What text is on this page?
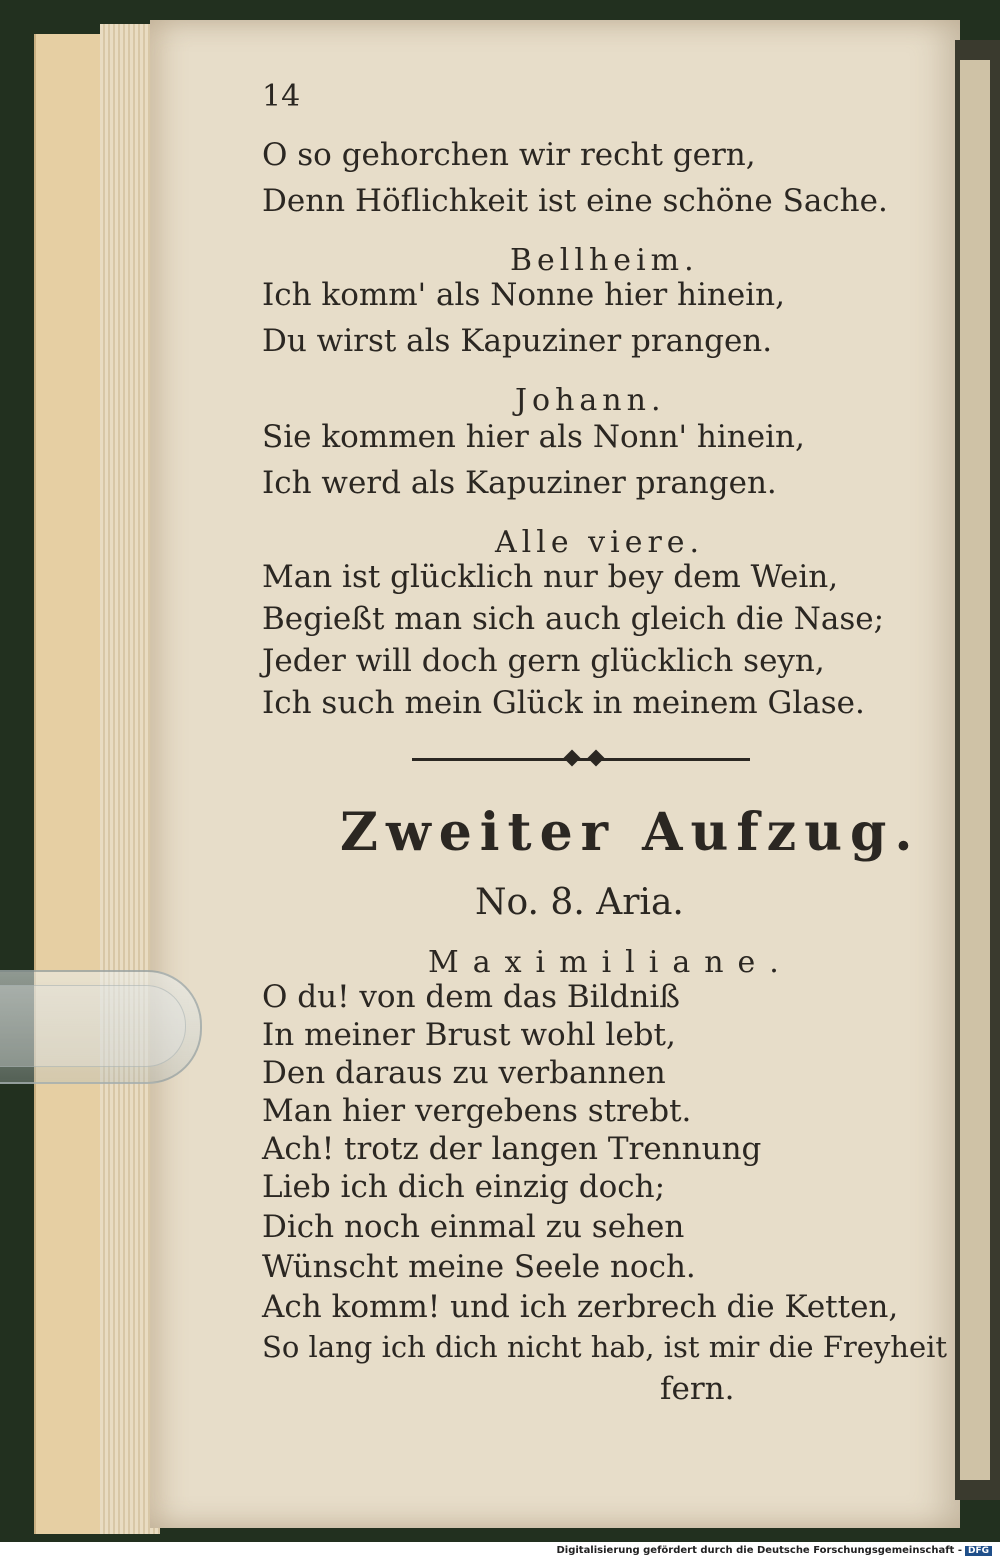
14
O so gehorchen wir recht gern,
Denn Höflichkeit ist eine schöne Sache.
Bellheim.
Ich komm' als Nonne hier hinein,
Du wirst als Kapuziner prangen.
Johann.
Sie kommen hier als Nonn' hinein,
Ich werd als Kapuziner prangen.
Alle viere.
Man ist glücklich nur bey dem Wein,
Begießt man sich auch gleich die Nase;
Jeder will doch gern glücklich seyn,
Ich such mein Glück in meinem Glase.
Zweiter Aufzug.
No. 8. Aria.
Maximiliane.
O du! von dem das Bildniß
In meiner Brust wohl lebt,
Den daraus zu verbannen
Man hier vergebens strebt.
Ach! trotz der langen Trennung
Lieb ich dich einzig doch;
Dich noch einmal zu sehen
Wünscht meine Seele noch.
Ach komm! und ich zerbrech die Ketten,
So lang ich dich nicht hab, ist mir die Freyheit
fern.
Digitalisierung gefördert durch die Deutsche Forschungsgemeinschaft - DFG
